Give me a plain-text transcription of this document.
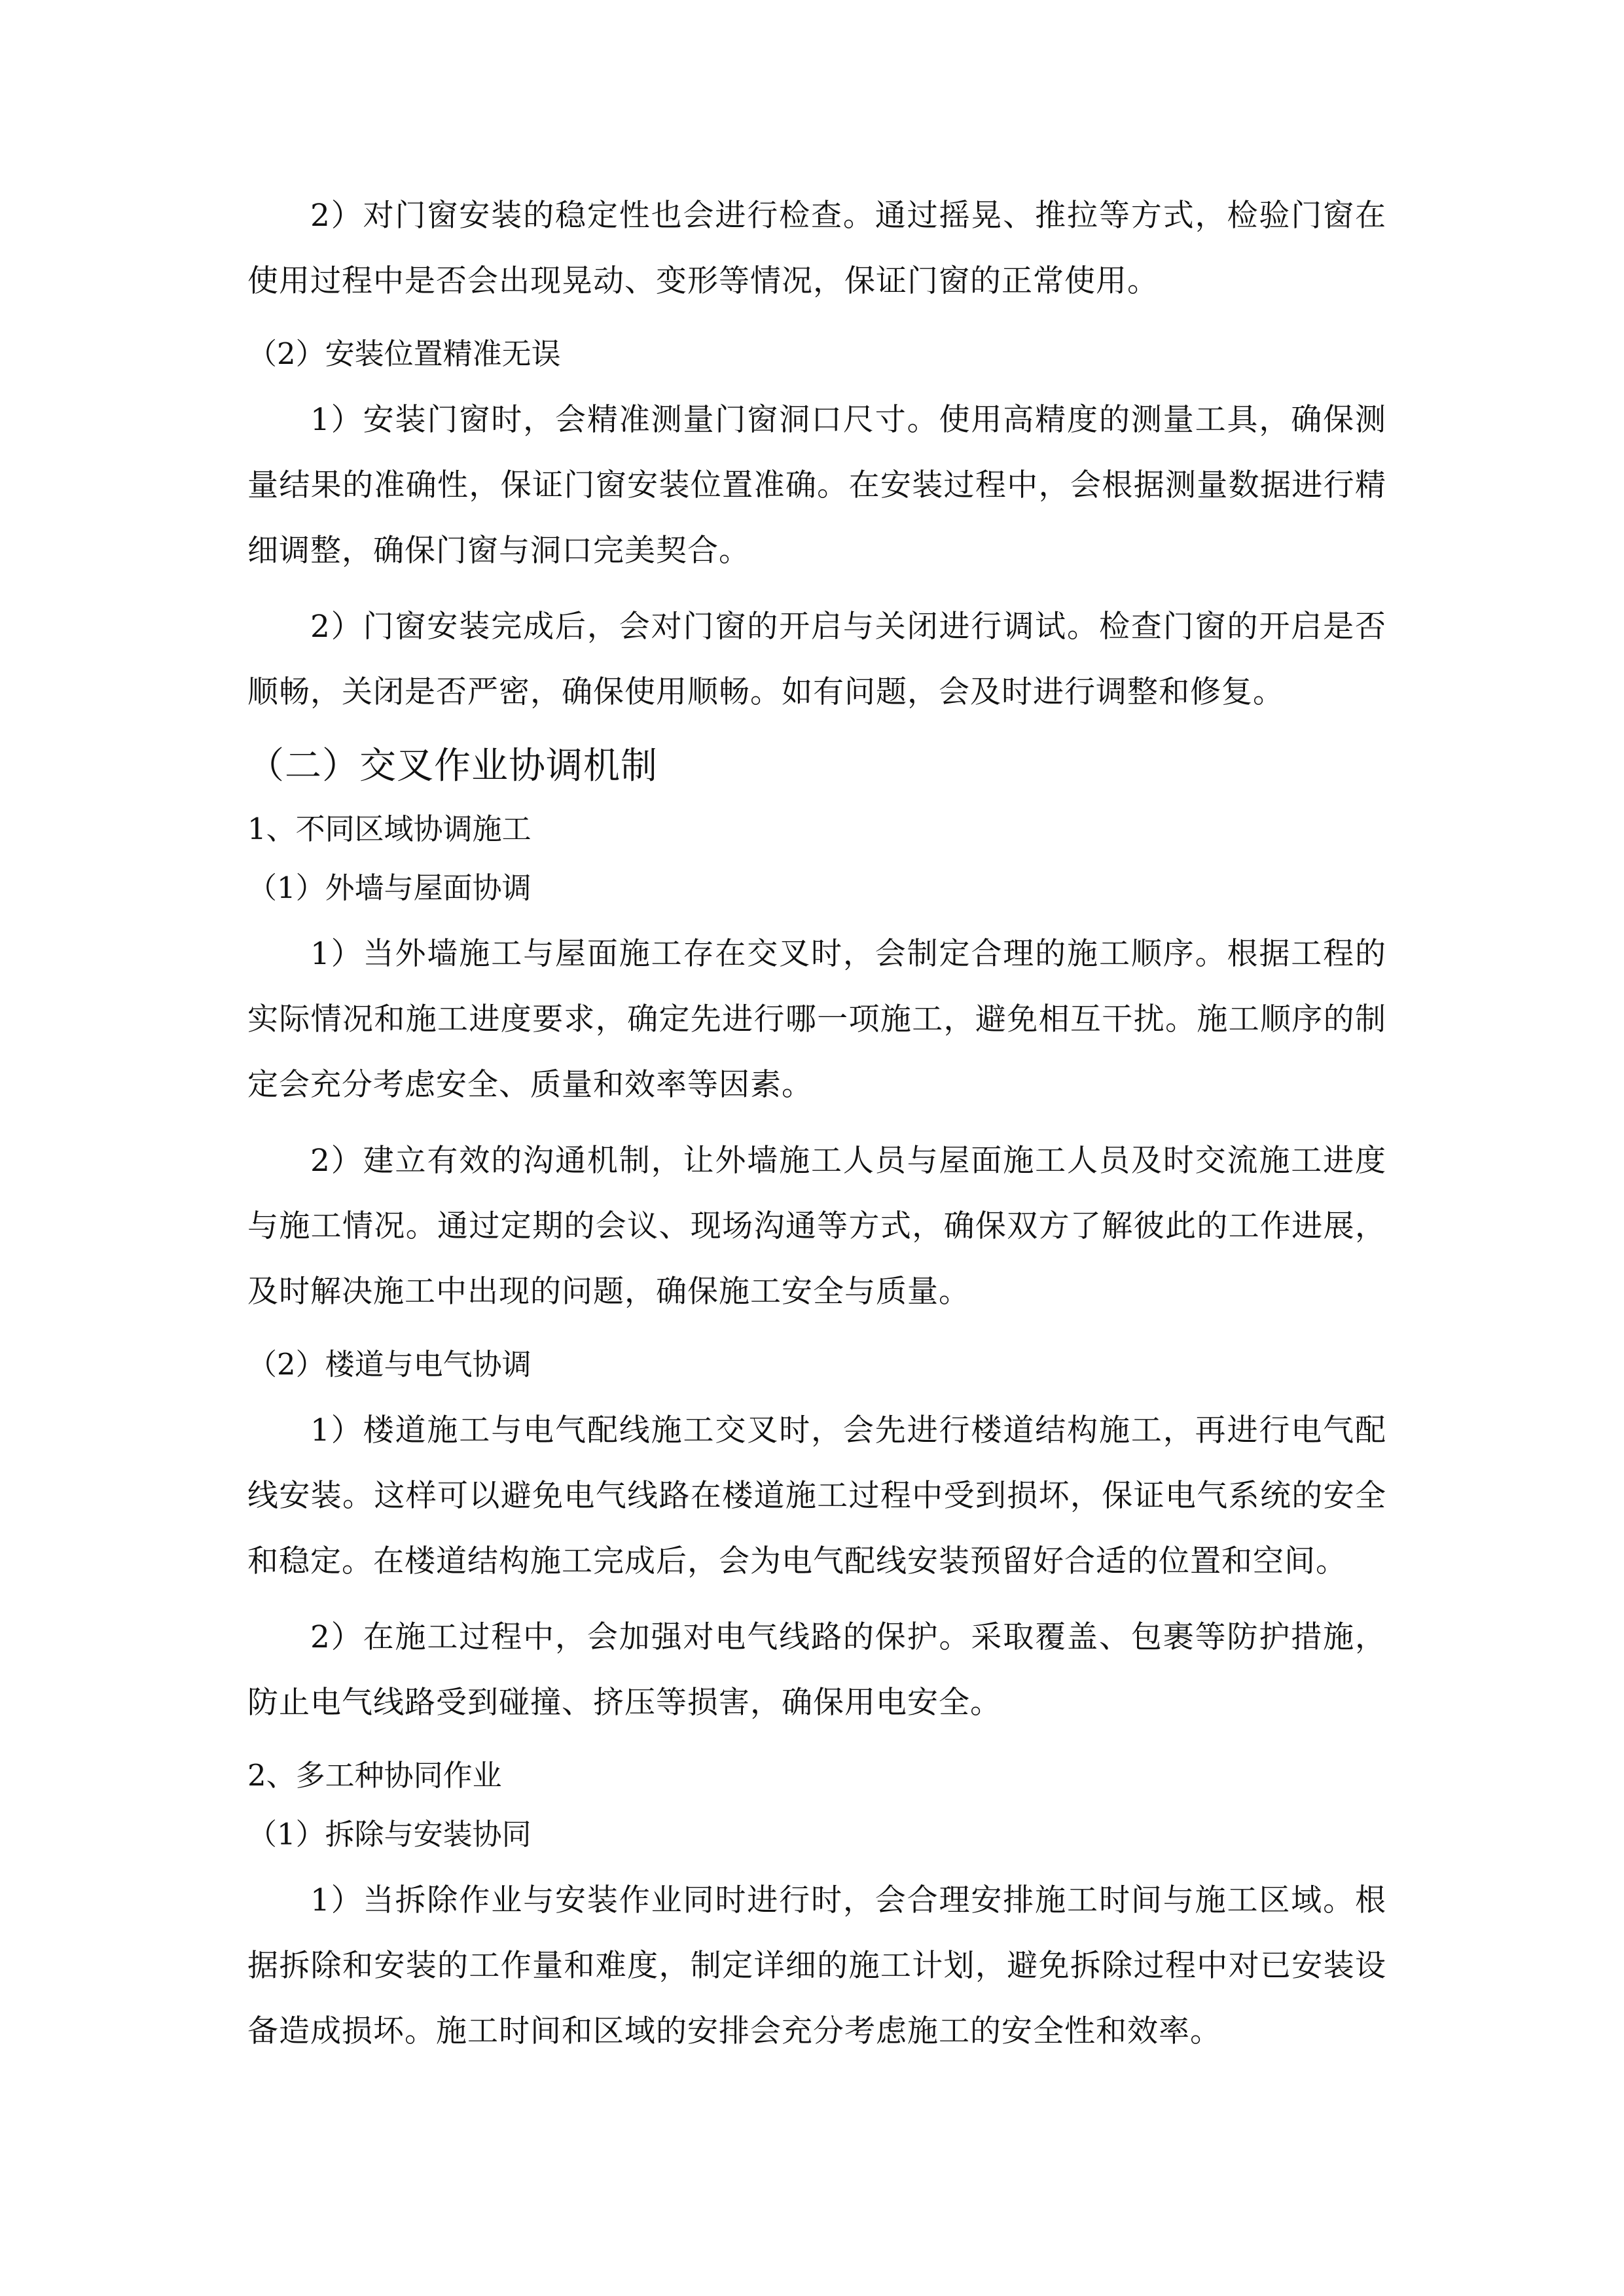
2）对门窗安装的稳定性也会进行检查。通过摇晃、推拉等方式，检验门窗在使用过程中是否会出现晃动、变形等情况，保证门窗的正常使用。

（2）安装位置精准无误

1）安装门窗时，会精准测量门窗洞口尺寸。使用高精度的测量工具，确保测量结果的准确性，保证门窗安装位置准确。在安装过程中，会根据测量数据进行精细调整，确保门窗与洞口完美契合。

2）门窗安装完成后，会对门窗的开启与关闭进行调试。检查门窗的开启是否顺畅，关闭是否严密，确保使用顺畅。如有问题，会及时进行调整和修复。

（二）交叉作业协调机制

1、不同区域协调施工

（1）外墙与屋面协调

1）当外墙施工与屋面施工存在交叉时，会制定合理的施工顺序。根据工程的实际情况和施工进度要求，确定先进行哪一项施工，避免相互干扰。施工顺序的制定会充分考虑安全、质量和效率等因素。

2）建立有效的沟通机制，让外墙施工人员与屋面施工人员及时交流施工进度与施工情况。通过定期的会议、现场沟通等方式，确保双方了解彼此的工作进展，及时解决施工中出现的问题，确保施工安全与质量。

（2）楼道与电气协调

1）楼道施工与电气配线施工交叉时，会先进行楼道结构施工，再进行电气配线安装。这样可以避免电气线路在楼道施工过程中受到损坏，保证电气系统的安全和稳定。在楼道结构施工完成后，会为电气配线安装预留好合适的位置和空间。

2）在施工过程中，会加强对电气线路的保护。采取覆盖、包裹等防护措施，防止电气线路受到碰撞、挤压等损害，确保用电安全。

2、多工种协同作业

（1）拆除与安装协同

1）当拆除作业与安装作业同时进行时，会合理安排施工时间与施工区域。根据拆除和安装的工作量和难度，制定详细的施工计划，避免拆除过程中对已安装设备造成损坏。施工时间和区域的安排会充分考虑施工的安全性和效率。
